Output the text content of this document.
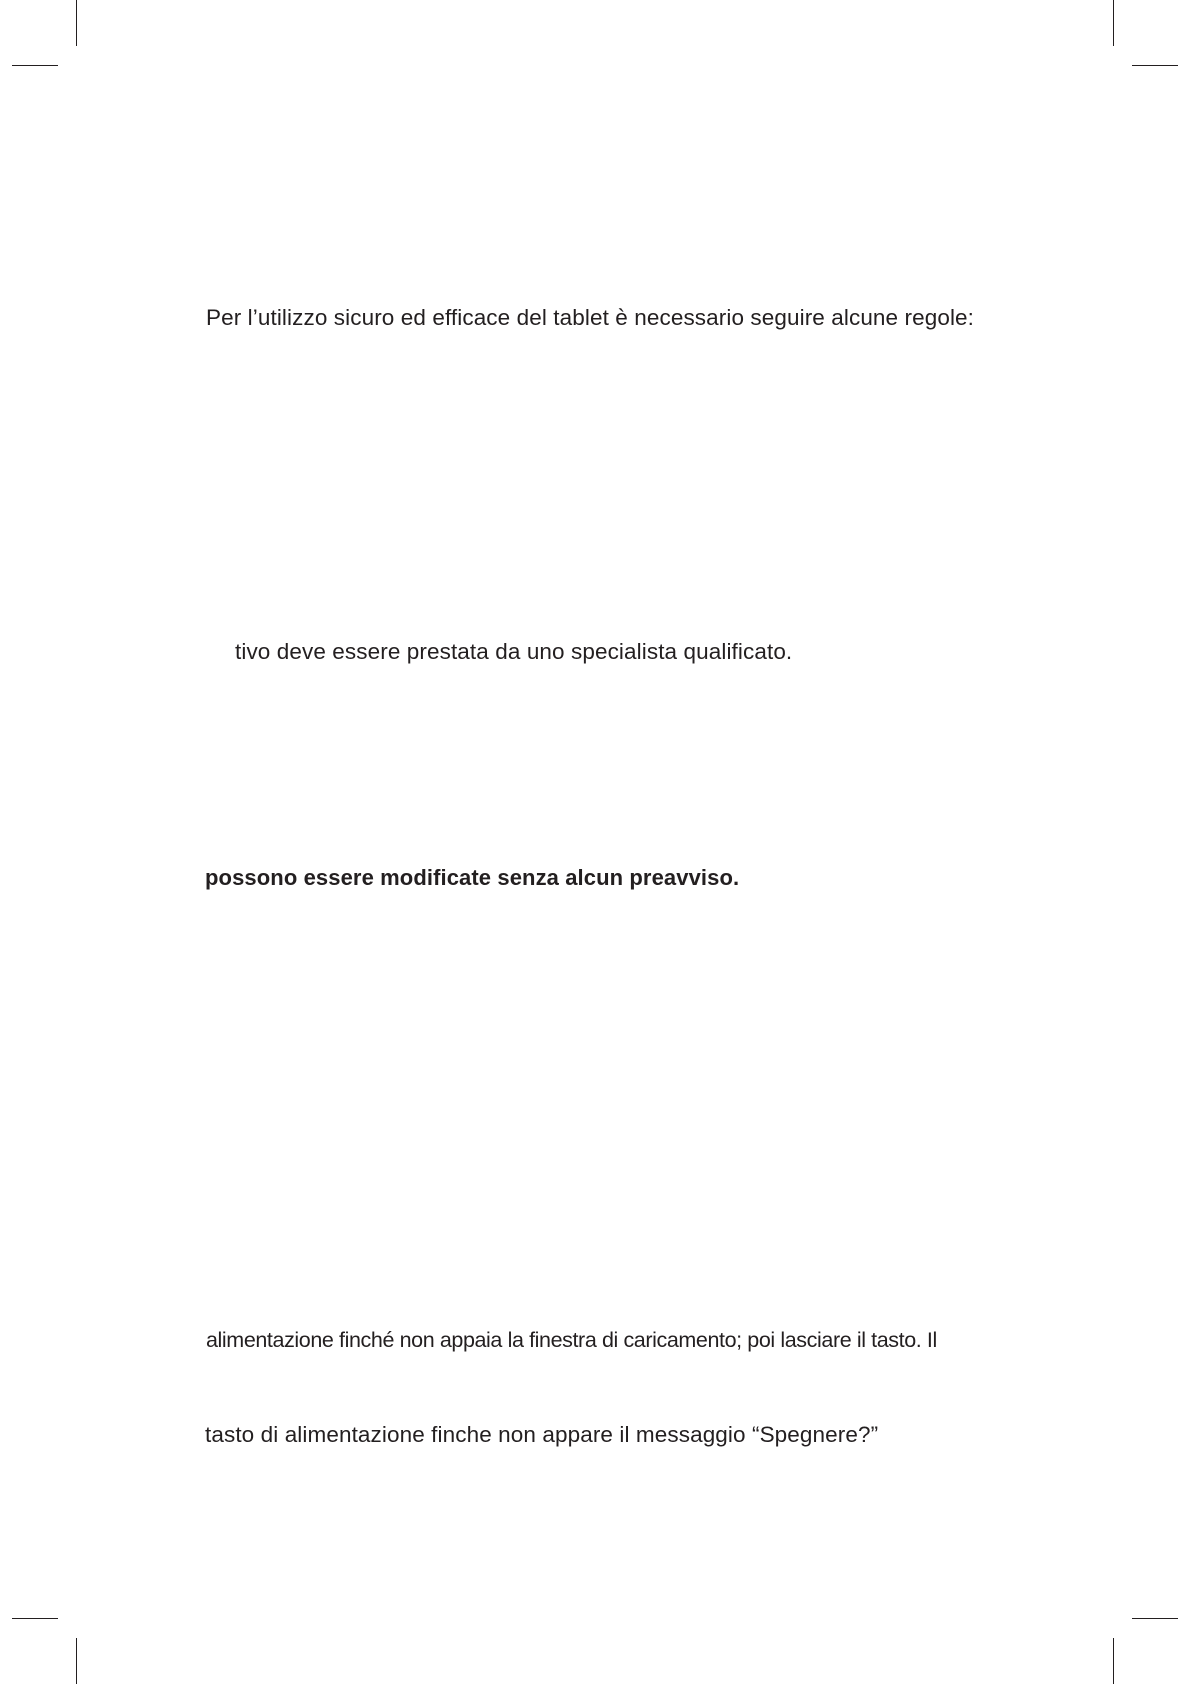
Per l’utilizzo sicuro ed efficace del tablet è necessario seguire alcune regole:
tivo deve essere prestata da uno specialista qualificato.
possono essere modificate senza alcun preavviso.
alimentazione finché non appaia la finestra di caricamento; poi lasciare il tasto. Il
tasto di alimentazione finche non appare il messaggio “Spegnere?”
